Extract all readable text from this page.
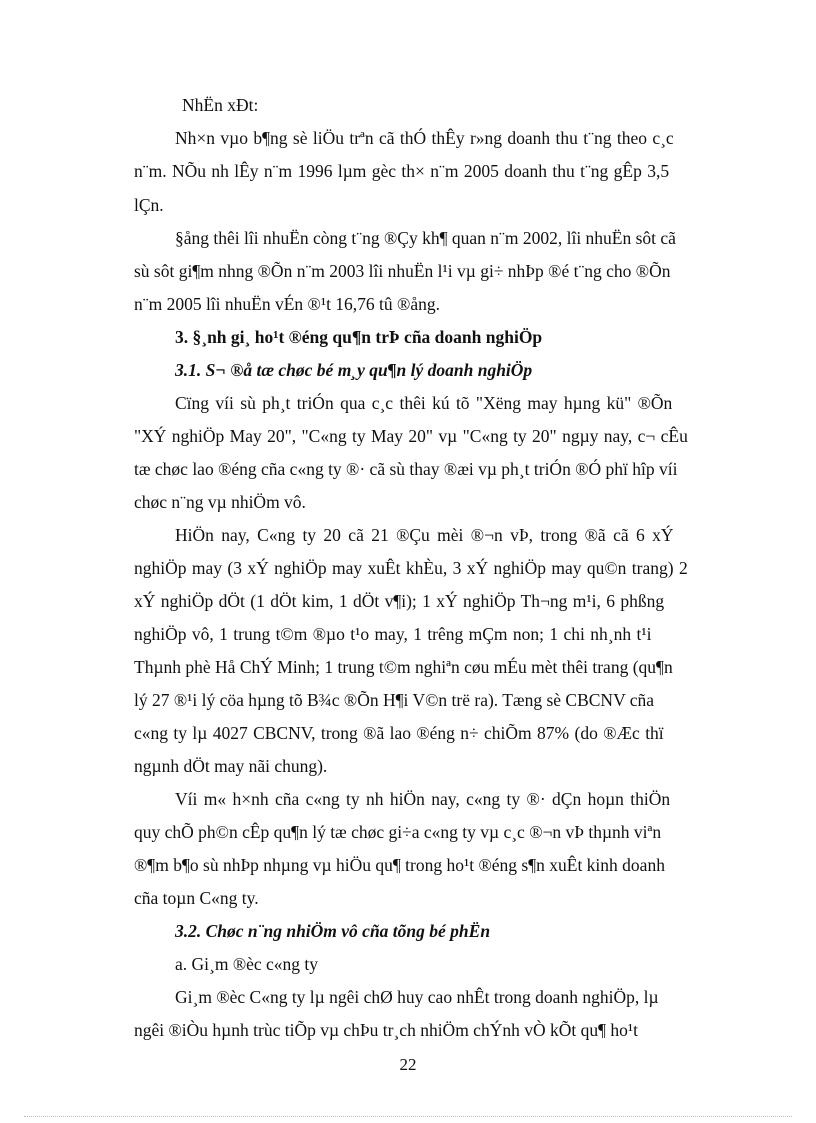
NhËn xÐt:
Nh×n vµo b¶ng sè liÖu trªn cã thÓ thÊy r»ng doanh thu t¨ng theo c¸c
n¨m. NÕu nh lÊy n¨m 1996 lµm gèc th× n¨m 2005 doanh thu t¨ng gÊp 3,5
lÇn.
§ång thêi lîi nhuËn còng t¨ng ®Çy kh¶ quan n¨m 2002, lîi nhuËn sôt cã
sù sôt gi¶m nhng ®Õn n¨m 2003 lîi nhuËn l¹i vµ gi÷ nhÞp ®é t¨ng cho ®Õn
n¨m 2005 lîi nhuËn vÉn ®¹t 16,76 tû ®ång.
3. §¸nh gi¸ ho¹t ®éng qu¶n trÞ cña doanh nghiÖp
3.1. S¬ ®å tæ chøc bé m¸y qu¶n lý doanh nghiÖp
Cïng víi sù ph¸t triÓn qua c¸c thêi kú tõ "Xëng may hµng kü" ®Õn
"XÝ nghiÖp May 20", "C«ng ty May 20" vµ "C«ng ty 20" ngµy nay, c¬ cÊu
tæ chøc lao ®éng cña c«ng ty ®· cã sù thay ®æi vµ ph¸t triÓn ®Ó phï hîp víi
chøc n¨ng vµ nhiÖm vô.
HiÖn nay, C«ng ty 20 cã 21 ®Çu mèi ®¬n vÞ, trong ®ã cã 6 xÝ
nghiÖp may (3 xÝ nghiÖp may xuÊt khÈu, 3 xÝ nghiÖp may qu©n trang) 2
xÝ nghiÖp dÖt (1 dÖt kim, 1 dÖt v¶i); 1 xÝ nghiÖp Th¬ng m¹i, 6 phßng
nghiÖp vô, 1 trung t©m ®µo t¹o may, 1 trêng mÇm non; 1 chi nh¸nh t¹i
Thµnh phè Hå ChÝ Minh; 1 trung t©m nghiªn cøu mÉu mèt thêi trang (qu¶n
lý 27 ®¹i lý cöa hµng tõ B¾c ®Õn H¶i V©n trë ra). Tæng sè CBCNV cña
c«ng ty lµ 4027 CBCNV, trong ®ã lao ®éng n÷ chiÕm 87% (do ®Æc thï
ngµnh dÖt may nãi chung).
Víi m« h×nh cña c«ng ty nh hiÖn nay, c«ng ty ®· dÇn hoµn thiÖn
quy chÕ ph©n cÊp qu¶n lý tæ chøc gi÷a c«ng ty vµ c¸c ®¬n vÞ thµnh viªn
®¶m b¶o sù nhÞp nhµng vµ hiÖu qu¶ trong ho¹t ®éng s¶n xuÊt kinh doanh
cña toµn C«ng ty.
3.2. Chøc n¨ng nhiÖm vô cña tõng bé phËn
a. Gi¸m ®èc c«ng ty
Gi¸m ®èc C«ng ty lµ ngêi chØ huy cao nhÊt trong doanh nghiÖp, lµ
ngêi ®iÒu hµnh trùc tiÕp vµ chÞu tr¸ch nhiÖm chÝnh vÒ kÕt qu¶ ho¹t
22
